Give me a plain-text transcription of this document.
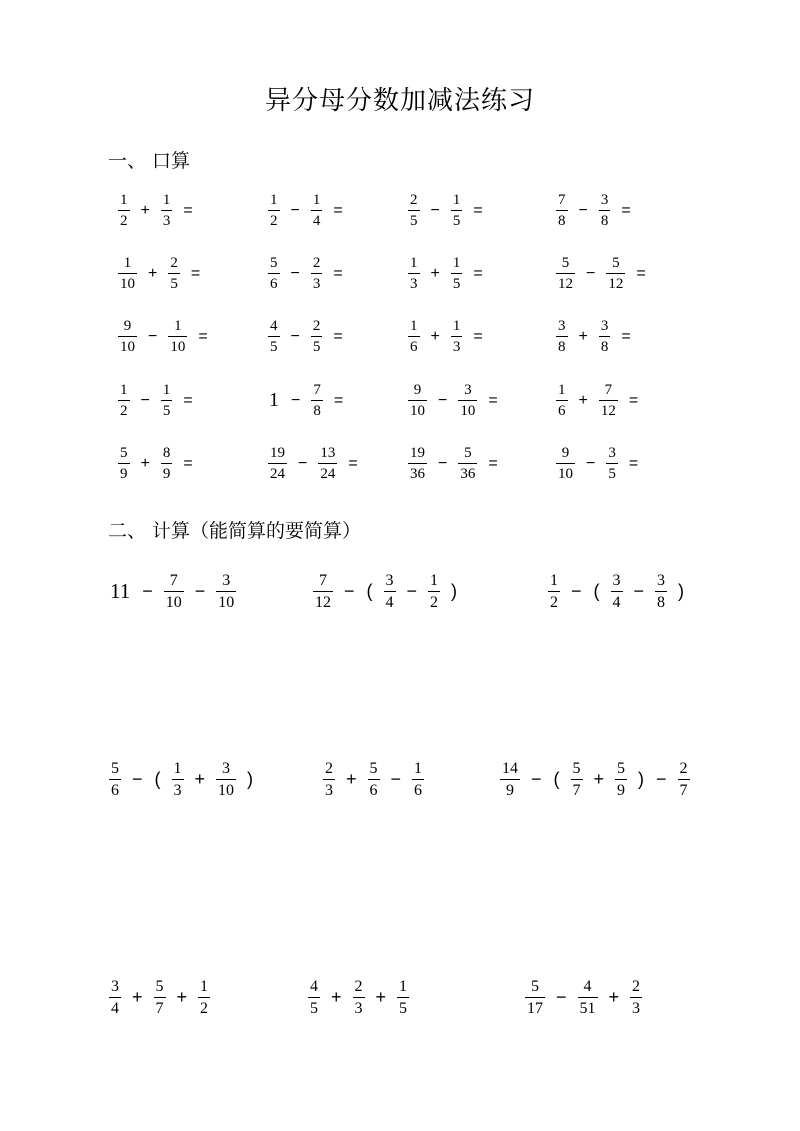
异分母分数加减法练习
一、 口算
二、 计算（能简算的要简算）
$\frac{1}{2} + \frac{1}{3}$ =	$\frac{1}{2} - \frac{1}{4}$ =	$\frac{2}{5} - \frac{1}{5}$ =	$\frac{7}{8} - \frac{3}{8}$ =
$\frac{1}{10} + \frac{2}{5}$ =	$\frac{5}{6} - \frac{2}{3}$ =	$\frac{1}{3} + \frac{1}{5}$ =	$\frac{5}{12} - \frac{5}{12}$ =
$\frac{9}{10} - \frac{1}{10}$ =	$\frac{4}{5} - \frac{2}{5}$ =	$\frac{1}{6} + \frac{1}{3}$ =	$\frac{3}{8} + \frac{3}{8}$ =
$\frac{1}{2} - \frac{1}{5}$ =	$1 - \frac{7}{8}$ =	$\frac{9}{10} - \frac{3}{10}$ =	$\frac{1}{6} + \frac{7}{12}$ =
$\frac{5}{9} + \frac{8}{9}$ =	$\frac{19}{24} - \frac{13}{24}$ =	$\frac{19}{36} - \frac{5}{36}$ =	$\frac{9}{10} - \frac{3}{5}$ =
$11 - \frac{7}{10} - \frac{3}{10}$	$\frac{7}{12}$ − ( $\frac{3}{4} - \frac{1}{2}$ )	$\frac{1}{2}$ − ( $\frac{3}{4} - \frac{3}{8}$ )
$\frac{5}{6}$ − ( $\frac{1}{3} + \frac{3}{10}$ )	$\frac{2}{3} + \frac{5}{6} - \frac{1}{6}$	$\frac{14}{9}$ − ( $\frac{5}{7} + \frac{5}{9}$ ) − $\frac{2}{7}$
$\frac{3}{4} + \frac{5}{7} + \frac{1}{2}$	$\frac{4}{5} + \frac{2}{3} + \frac{1}{5}$	$\frac{5}{17} - \frac{4}{51} + \frac{2}{3}$
